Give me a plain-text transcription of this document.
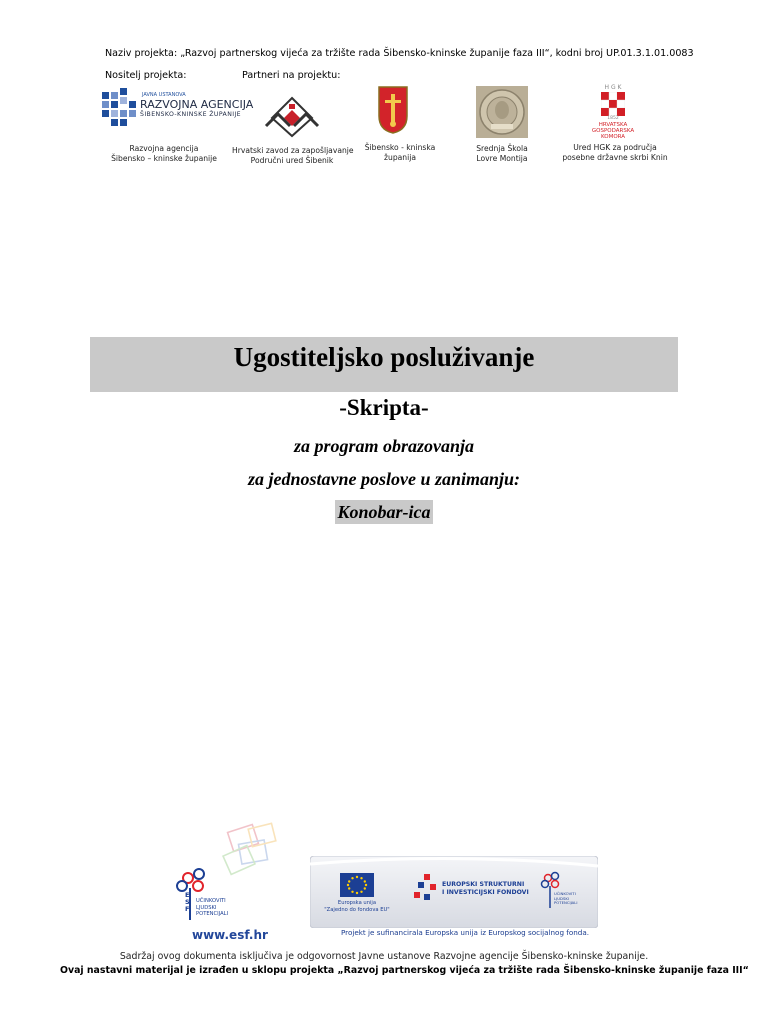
Naziv projekta: „Razvoj partnerskog vijeća za tržište rada Šibensko-kninske županije faza III“, kodni broj UP.01.3.1.01.0083
Nositelj projekta:	Partneri na projektu:
JAVNA USTANOVA
RAZVOJNA AGENCIJA
ŠIBENSKO-KNINSKE ŽUPANIJE
Razvojna agencija
Šibensko – kninske županije
Hrvatski zavod za zapošljavanje
Područni ured Šibenik
Šibensko - kninska
županija
Srednja Škola
Lovre Montija
H G K
1852
HRVATSKA
GOSPODARSKA
KOMORA
Ured HGK za područja
posebne državne skrbi Knin
Ugostiteljsko posluživanje
-Skripta-
za program obrazovanja
za jednostavne poslove u zanimanju:
Konobar-ica
ESF
UČINKOVITI
LJUDSKI
POTENCIJALI
www.esf.hr
Europska unija
"Zajedno do fondova EU"
EUROPSKI STRUKTURNI
I INVESTICIJSKI FONDOVI	UČINKOVITI
LJUDSKI
POTENCIJALI
Projekt je sufinancirala Europska unija iz Europskog socijalnog fonda.
Sadržaj ovog dokumenta isključiva je odgovornost Javne ustanove Razvojne agencije Šibensko-kninske županije.
Ovaj nastavni materijal je izrađen u sklopu projekta „Razvoj partnerskog vijeća za tržište rada Šibensko-kninske županije faza III“
